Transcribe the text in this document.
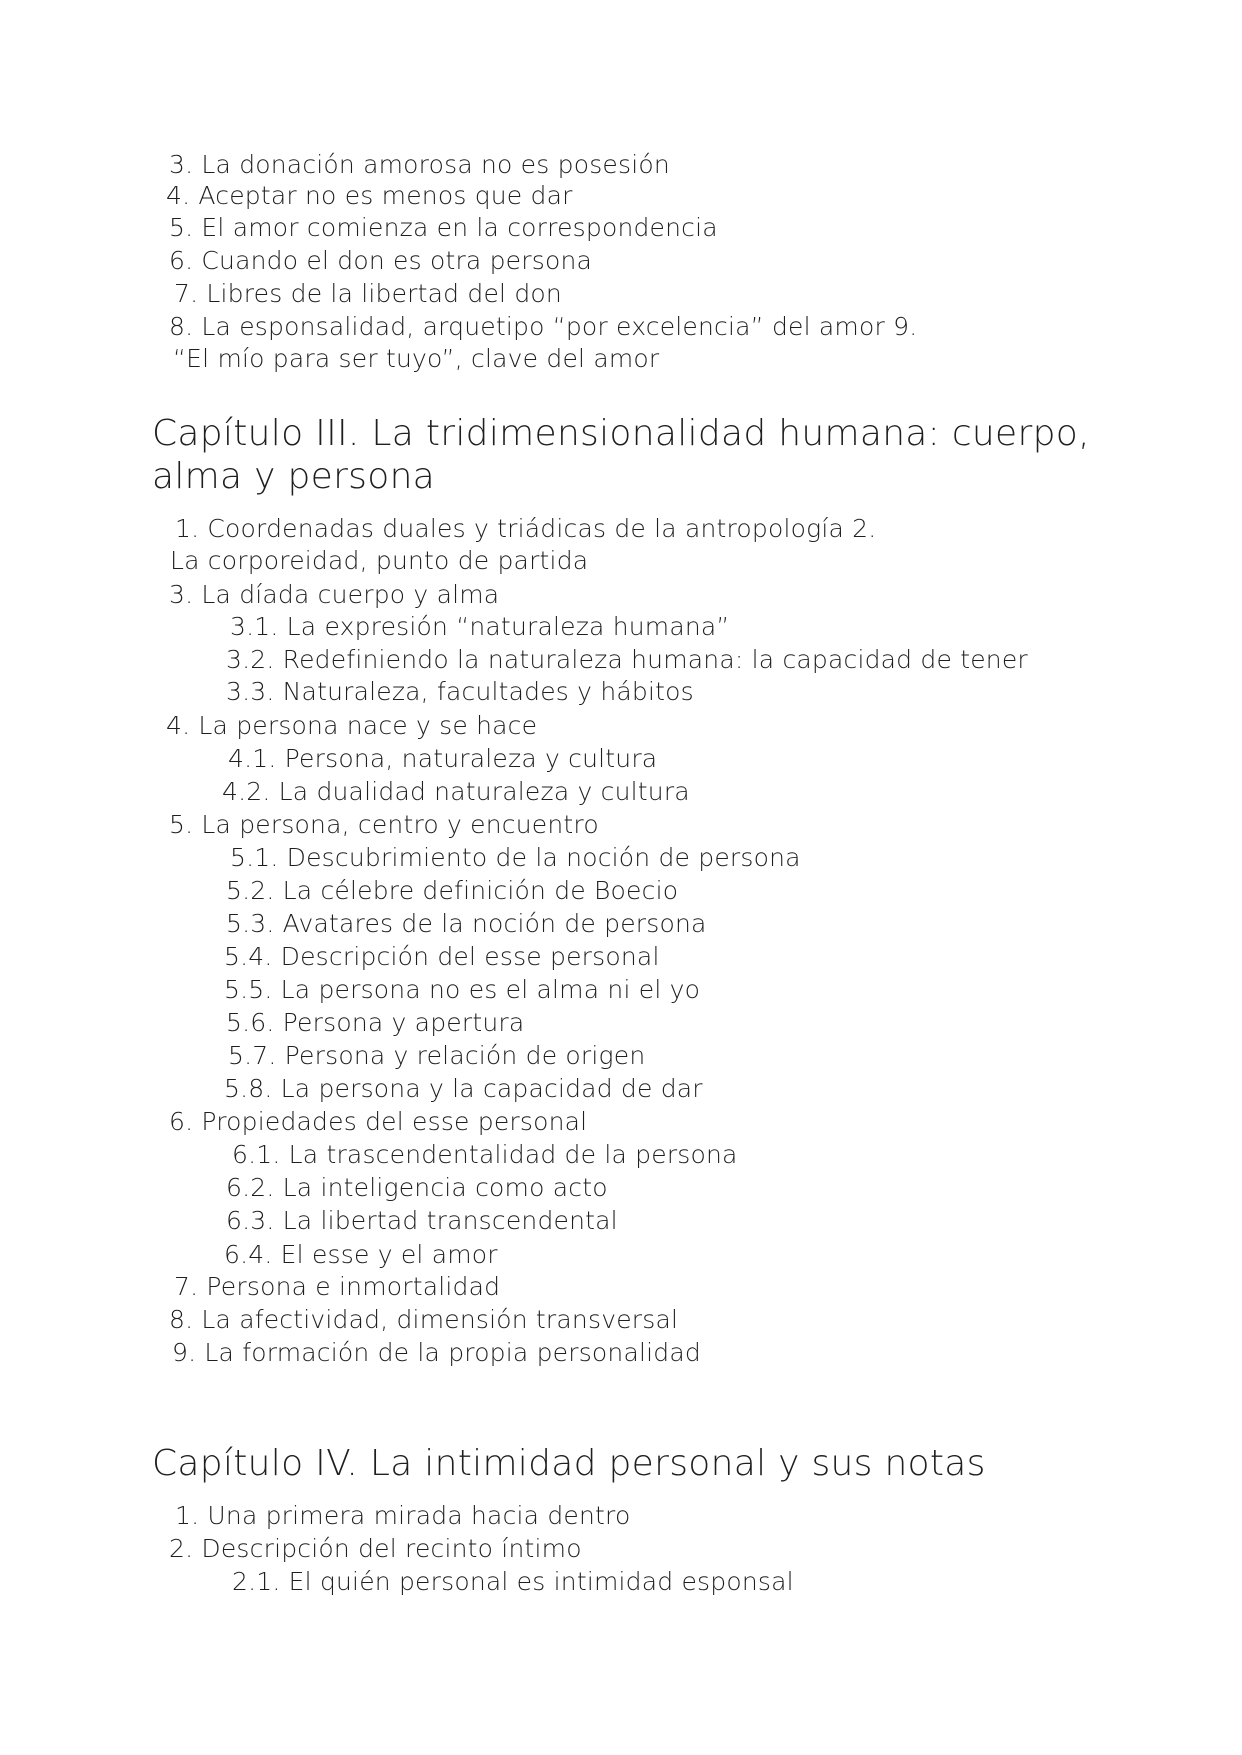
3. La donación amorosa no es posesión
4. Aceptar no es menos que dar
5. El amor comienza en la correspondencia
6. Cuando el don es otra persona
7. Libres de la libertad del don
8. La esponsalidad, arquetipo “por excelencia” del amor 9.
“El mío para ser tuyo”, clave del amor
Capítulo III. La tridimensionalidad humana: cuerpo,
alma y persona
1. Coordenadas duales y triádicas de la antropología 2.
La corporeidad, punto de partida
3. La díada cuerpo y alma
3.1. La expresión “naturaleza humana”
3.2. Redefiniendo la naturaleza humana: la capacidad de tener
3.3. Naturaleza, facultades y hábitos
4. La persona nace y se hace
4.1. Persona, naturaleza y cultura
4.2. La dualidad naturaleza y cultura
5. La persona, centro y encuentro
5.1. Descubrimiento de la noción de persona
5.2. La célebre definición de Boecio
5.3. Avatares de la noción de persona
5.4. Descripción del esse personal
5.5. La persona no es el alma ni el yo
5.6. Persona y apertura
5.7. Persona y relación de origen
5.8. La persona y la capacidad de dar
6. Propiedades del esse personal
6.1. La trascendentalidad de la persona
6.2. La inteligencia como acto
6.3. La libertad transcendental
6.4. El esse y el amor
7. Persona e inmortalidad
8. La afectividad, dimensión transversal
9. La formación de la propia personalidad
Capítulo IV. La intimidad personal y sus notas
1. Una primera mirada hacia dentro
2. Descripción del recinto íntimo
2.1. El quién personal es intimidad esponsal
